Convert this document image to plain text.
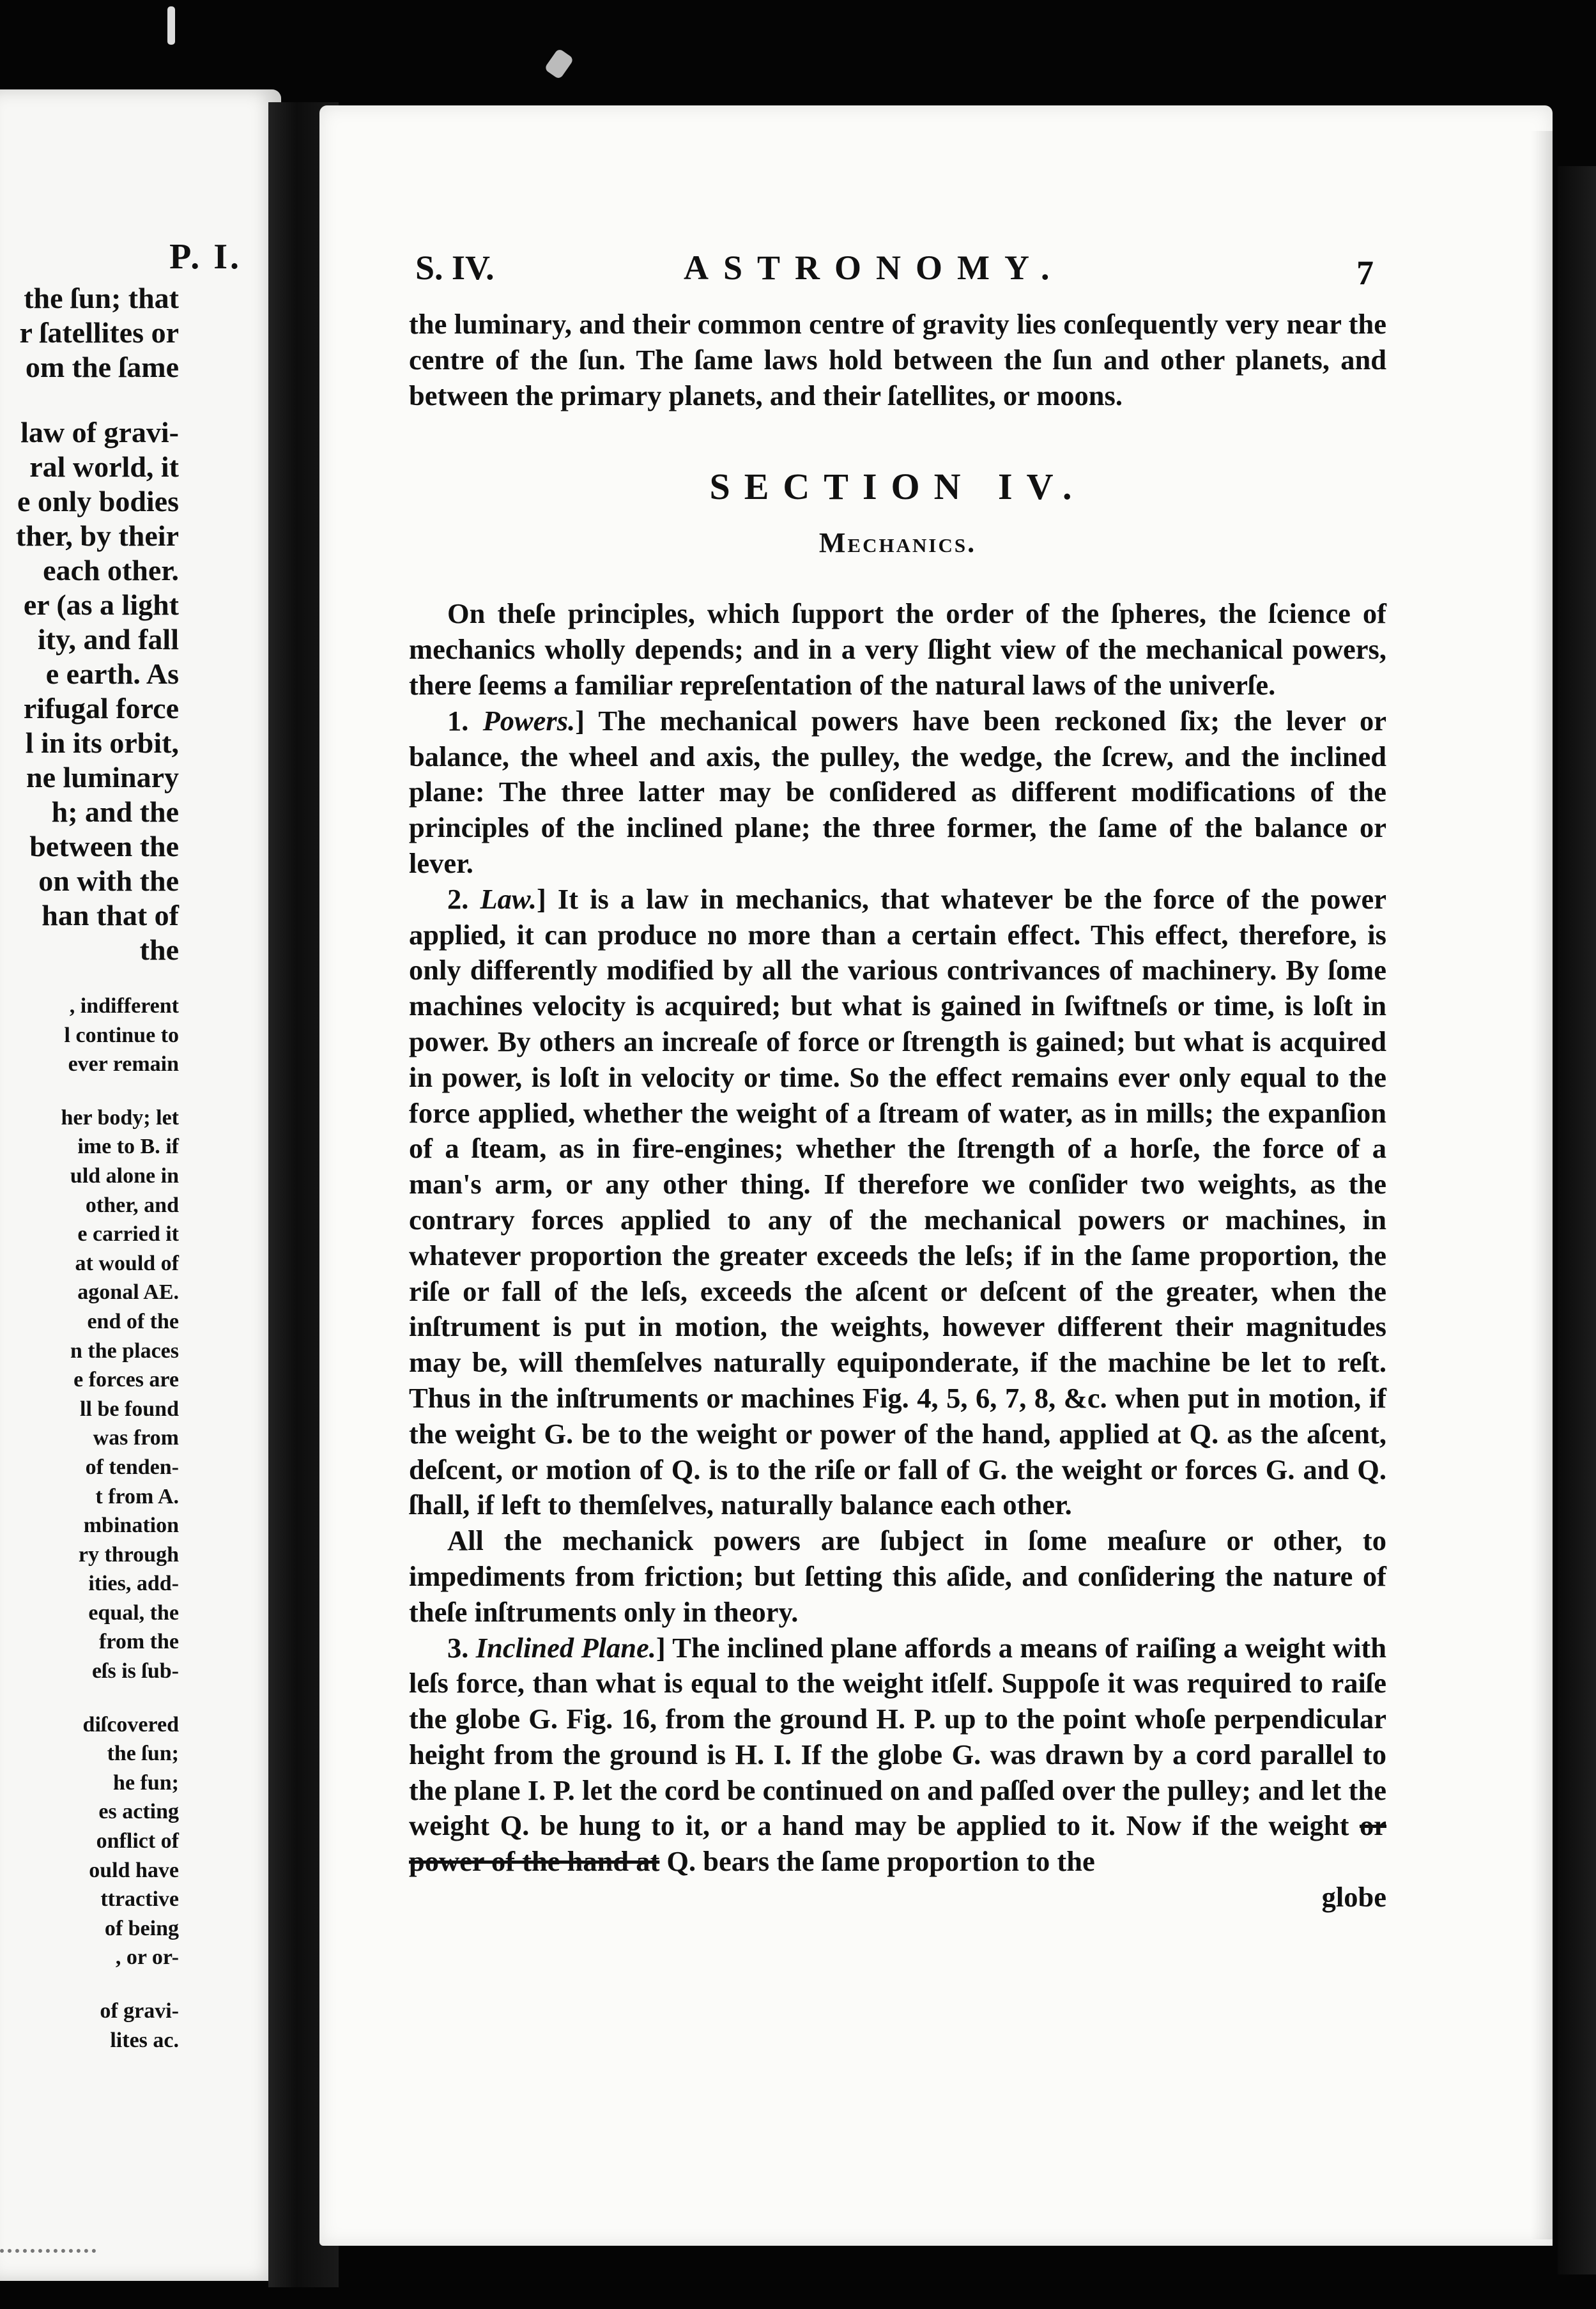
P. I.
the ſun; that
r ſatellites or
om the ſame
law of gravi-
ral world, it
e only bodies
ther, by their
each other.
er (as a light
ity, and fall
e earth. As
rifugal force
l in its orbit,
ne luminary
h; and the
between the
on with the
han that of
the
, indifferent
l continue to
ever remain
her body; let
ime to B. if
uld alone in
other, and
e carried it
at would of
agonal AE.
end of the
n the places
e forces are
ll be found
was from
of tenden-
t from A.
mbination
ry through
ities, add-
equal, the
from the
eſs is ſub-
diſcovered
the ſun;
he fun;
es acting
onflict of
ould have
ttractive
of being
, or or-
of gravi-
lites ac.
S. IV.	ASTRONOMY.	7

the luminary, and their common centre of gravity lies conſequently very near the centre of the ſun. The ſame laws hold between the ſun and other planets, and between the primary planets, and their ſatellites, or moons.

SECTION IV.
Mechanics.

On theſe principles, which ſupport the order of the ſpheres, the ſcience of mechanics wholly depends; and in a very ſlight view of the mechanical powers, there ſeems a familiar repreſentation of the natural laws of the univerſe.

1. Powers.] The mechanical powers have been reckoned ſix; the lever or balance, the wheel and axis, the pulley, the wedge, the ſcrew, and the inclined plane: The three latter may be conſidered as different modifications of the principles of the inclined plane; the three former, the ſame of the balance or lever.

2. Law.] It is a law in mechanics, that whatever be the force of the power applied, it can produce no more than a certain effect. This effect, therefore, is only differently modified by all the various contrivances of machinery. By ſome machines velocity is acquired; but what is gained in ſwiftneſs or time, is loſt in power. By others an increaſe of force or ſtrength is gained; but what is acquired in power, is loſt in velocity or time. So the effect remains ever only equal to the force applied, whether the weight of a ſtream of water, as in mills; the expanſion of a ſteam, as in fire-engines; whether the ſtrength of a horſe, the force of a man's arm, or any other thing. If therefore we conſider two weights, as the contrary forces applied to any of the mechanical powers or machines, in whatever proportion the greater exceeds the leſs; if in the ſame proportion, the riſe or fall of the leſs, exceeds the aſcent or deſcent of the greater, when the inſtrument is put in motion, the weights, however different their magnitudes may be, will themſelves naturally equiponderate, if the machine be let to reſt. Thus in the inſtruments or machines Fig. 4, 5, 6, 7, 8, &c. when put in motion, if the weight G. be to the weight or power of the hand, applied at Q. as the aſcent, deſcent, or motion of Q. is to the riſe or fall of G. the weight or forces G. and Q. ſhall, if left to themſelves, naturally balance each other.

All the mechanick powers are ſubject in ſome meaſure or other, to impediments from friction; but ſetting this aſide, and conſidering the nature of theſe inſtruments only in theory.

3. Inclined Plane.] The inclined plane affords a means of raiſing a weight with leſs force, than what is equal to the weight itſelf. Suppoſe it was required to raiſe the globe G. Fig. 16, from the ground H. P. up to the point whoſe perpendicular height from the ground is H. I. If the globe G. was drawn by a cord parallel to the plane I. P. let the cord be continued on and paſſed over the pulley; and let the weight Q. be hung to it, or a hand may be applied to it. Now if the weight or power of the hand at Q. bears the ſame proportion to the

globe
